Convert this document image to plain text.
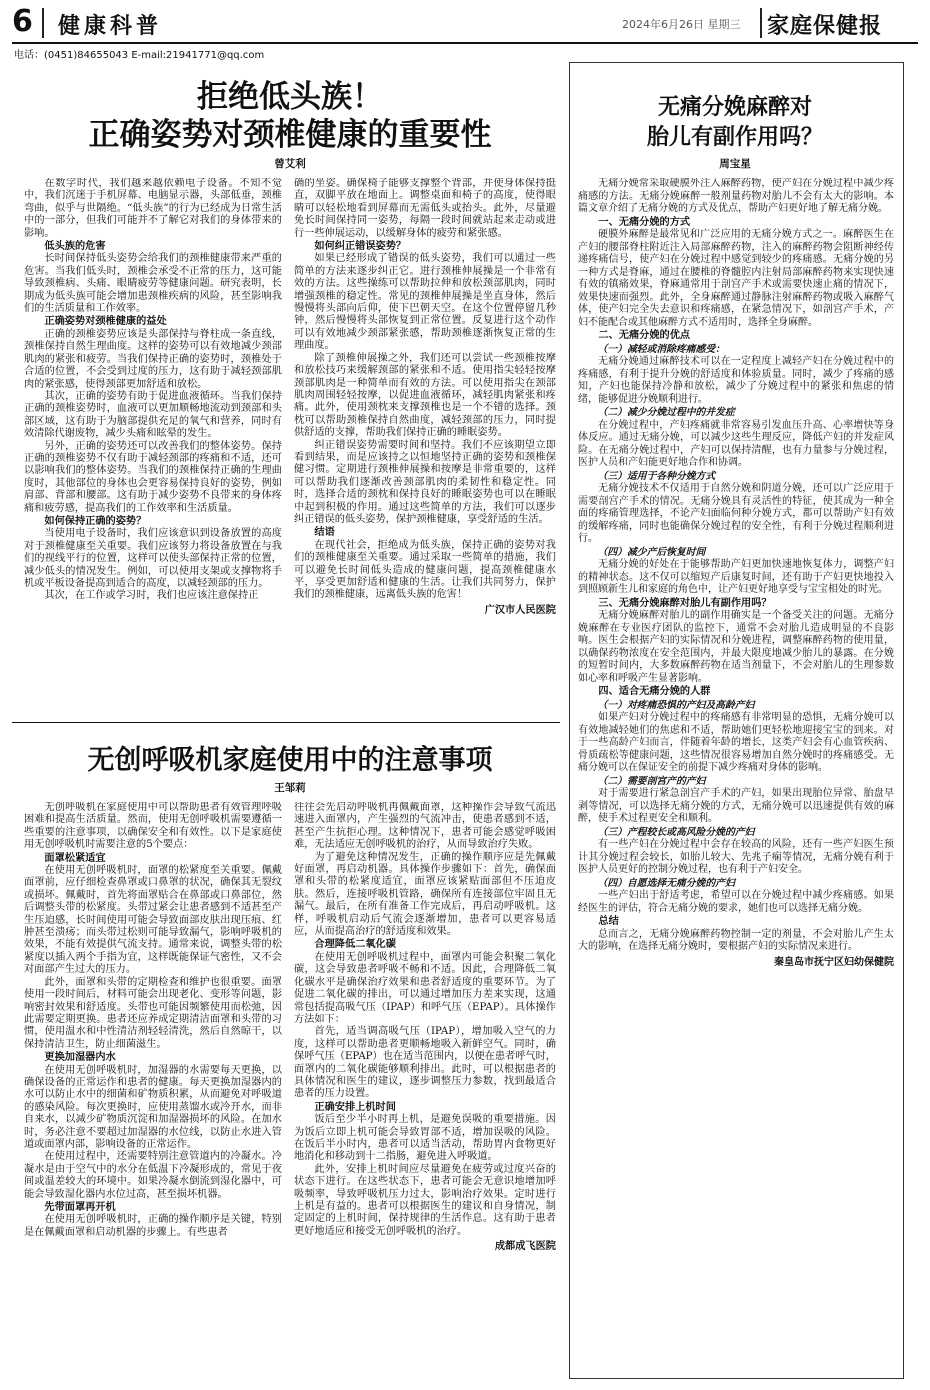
6 健康科普	2024年6月26日 星期三 家庭保健报
电话：(0451)84655043 E-mail:21941771@qq.com
拒绝低头族！
正确姿势对颈椎健康的重要性
曾艾利

在数字时代，我们越来越依赖电子设备。不知不觉中，我们沉迷于手机屏幕、电脑显示器，头部低垂，颈椎弯曲，似乎与世隔绝。“低头族”的行为已经成为日常生活中的一部分，但我们可能并不了解它对我们的身体带来的影响。

低头族的危害

长时间保持低头姿势会给我们的颈椎健康带来严重的危害。当我们低头时，颈椎会承受不正常的压力，这可能导致颈椎病、头痛、眼睛疲劳等健康问题。研究表明，长期成为低头族可能会增加患颈椎疾病的风险，甚至影响我们的生活质量和工作效率。

正确姿势对颈椎健康的益处

正确的颈椎姿势应该是头部保持与脊柱成一条直线，颈椎保持自然生理曲度。这样的姿势可以有效地减少颈部肌肉的紧张和疲劳。当我们保持正确的姿势时，颈椎处于合适的位置，不会受到过度的压力，这有助于减轻颈部肌肉的紧张感，使得颈部更加舒适和放松。

其次，正确的姿势有助于促进血液循环。当我们保持正确的颈椎姿势时，血液可以更加顺畅地流动到颈部和头部区域，这有助于为脑部提供充足的氧气和营养，同时有效清除代谢废物，减少头痛和眩晕的发生。

另外，正确的姿势还可以改善我们的整体姿势。保持正确的颈椎姿势不仅有助于减轻颈部的疼痛和不适，还可以影响我们的整体姿势。当我们的颈椎保持正确的生理曲度时，其他部位的身体也会更容易保持良好的姿势，例如肩部、背部和腰部。这有助于减少姿势不良带来的身体疼痛和疲劳感，提高我们的工作效率和生活质量。

如何保持正确的姿势？

当使用电子设备时，我们应该意识到设备放置的高度对于颈椎健康至关重要。我们应该努力将设备放置在与我们的视线平行的位置，这样可以使头部保持正常的位置，减少低头的情况发生。例如，可以使用支架或支撑物将手机或平板设备提高到适合的高度，以减轻颈部的压力。

其次，在工作或学习时，我们也应该注意保持正

确的坐姿。确保椅子能够支撑整个背部，并使身体保持挺直，双脚平放在地面上。调整桌面和椅子的高度，使得眼睛可以轻松地看到屏幕而无需低头或抬头。此外，尽量避免长时间保持同一姿势，每隔一段时间就站起来走动或进行一些伸展运动，以缓解身体的疲劳和紧张感。

如何纠正错误姿势？

如果已经形成了错误的低头姿势，我们可以通过一些简单的方法来逐步纠正它。进行颈椎伸展操是一个非常有效的方法。这些操练可以帮助拉伸和放松颈部肌肉，同时增强颈椎的稳定性。常见的颈椎伸展操是坐直身体，然后慢慢将头部向后仰，使下巴朝天空。在这个位置停留几秒钟，然后慢慢将头部恢复到正常位置。反复进行这个动作可以有效地减少颈部紧张感，帮助颈椎逐渐恢复正常的生理曲度。

除了颈椎伸展操之外，我们还可以尝试一些颈椎按摩和放松技巧来缓解颈部的紧张和不适。使用指尖轻轻按摩颈部肌肉是一种简单而有效的方法。可以使用指尖在颈部肌肉周围轻轻按摩，以促进血液循环，减轻肌肉紧张和疼痛。此外，使用颈枕来支撑颈椎也是一个不错的选择。颈枕可以帮助颈椎保持自然曲度，减轻颈部的压力，同时提供舒适的支撑，帮助我们保持正确的睡眠姿势。

纠正错误姿势需要时间和坚持。我们不应该期望立即看到结果，而是应该持之以恒地坚持正确的姿势和颈椎保健习惯。定期进行颈椎伸展操和按摩是非常重要的，这样可以帮助我们逐渐改善颈部肌肉的柔韧性和稳定性。同时，选择合适的颈枕和保持良好的睡眠姿势也可以在睡眠中起到积极的作用。通过这些简单的方法，我们可以逐步纠正错误的低头姿势，保护颈椎健康，享受舒适的生活。

结语

在现代社会，拒绝成为低头族，保持正确的姿势对我们的颈椎健康至关重要。通过采取一些简单的措施，我们可以避免长时间低头造成的健康问题，提高颈椎健康水平，享受更加舒适和健康的生活。让我们共同努力，保护我们的颈椎健康，远离低头族的危害！

广汉市人民医院

无创呼吸机家庭使用中的注意事项
王邹莉

无创呼吸机在家庭使用中可以帮助患者有效管理呼吸困难和提高生活质量。然而，使用无创呼吸机需要遵循一些重要的注意事项，以确保安全和有效性。以下是家庭使用无创呼吸机时需要注意的5个要点：

面罩松紧适宜

在使用无创呼吸机时，面罩的松紧度至关重要。佩戴面罩前，应仔细检查鼻罩或口鼻罩的状况，确保其无裂纹或损坏。佩戴时，首先将面罩贴合在鼻部或口鼻部位，然后调整头带的松紧度。头带过紧会让患者感到不适甚至产生压迫感，长时间使用可能会导致面部皮肤出现压痕、红肿甚至溃疡；而头带过松则可能导致漏气，影响呼吸机的效果，不能有效提供气流支持。通常来说，调整头带的松紧度以插入两个手指为宜，这样既能保证气密性，又不会对面部产生过大的压力。

此外，面罩和头带的定期检查和维护也很重要。面罩使用一段时间后，材料可能会出现老化、变形等问题，影响密封效果和舒适度。头带也可能因频繁使用而松弛，因此需要定期更换。患者还应养成定期清洁面罩和头带的习惯，使用温水和中性清洁剂轻轻清洗，然后自然晾干，以保持清洁卫生，防止细菌滋生。

更换加湿器内水

在使用无创呼吸机时，加湿器的水需要每天更换，以确保设备的正常运作和患者的健康。每天更换加湿器内的水可以防止水中的细菌和矿物质积累，从而避免对呼吸道的感染风险。每次更换时，应使用蒸馏水或冷开水，而非自来水，以减少矿物质沉淀和加湿器损坏的风险。在加水时，务必注意不要超过加湿器的水位线，以防止水进入管道或面罩内部，影响设备的正常运作。

在使用过程中，还需要特别注意管道内的冷凝水。冷凝水是由于空气中的水分在低温下冷凝形成的，常见于夜间或温差较大的环境中。如果冷凝水倒流到湿化器中，可能会导致湿化器内水位过高，甚至损坏机器。

先带面罩再开机

在使用无创呼吸机时，正确的操作顺序是关键，特别是在佩戴面罩和启动机器的步骤上。有些患者

往往会先启动呼吸机再佩戴面罩，这种操作会导致气流迅速进入面罩内，产生强烈的气流冲击，使患者感到不适，甚至产生抗拒心理。这种情况下，患者可能会感觉呼吸困难，无法适应无创呼吸机的治疗，从而导致治疗失败。

为了避免这种情况发生，正确的操作顺序应是先佩戴好面罩，再启动机器。具体操作步骤如下：首先，确保面罩和头带的松紧度适宜，面罩应该紧贴面部但不压迫皮肤。然后，连接呼吸机管路，确保所有连接部位牢固且无漏气。最后，在所有准备工作完成后，再启动呼吸机。这样，呼吸机启动后气流会逐渐增加，患者可以更容易适应，从而提高治疗的舒适度和效果。

合理降低二氧化碳

在使用无创呼吸机过程中，面罩内可能会积聚二氧化碳，这会导致患者呼吸不畅和不适。因此，合理降低二氧化碳水平是确保治疗效果和患者舒适度的重要环节。为了促进二氧化碳的排出，可以通过增加压力差来实现，这通常包括提高吸气压（IPAP）和呼气压（EPAP）。具体操作方法如下：

首先，适当调高吸气压（IPAP），增加吸入空气的力度，这样可以帮助患者更顺畅地吸入新鲜空气。同时，确保呼气压（EPAP）也在适当范围内，以便在患者呼气时，面罩内的二氧化碳能够顺利排出。此时，可以根据患者的具体情况和医生的建议，逐步调整压力参数，找到最适合患者的压力设置。

正确安排上机时间

饭后至少半小时再上机，是避免误吸的重要措施。因为饭后立即上机可能会导致胃部不适，增加误吸的风险。在饭后半小时内，患者可以适当活动，帮助胃内食物更好地消化和移动到十二指肠，避免进入呼吸道。

此外，安排上机时间应尽量避免在疲劳或过度兴奋的状态下进行。在这些状态下，患者可能会无意识地增加呼吸频率，导致呼吸机压力过大，影响治疗效果。定时进行上机是有益的。患者可以根据医生的建议和自身情况，制定固定的上机时间，保持规律的生活作息。这有助于患者更好地适应和接受无创呼吸机的治疗。

成都成飞医院

无痛分娩麻醉对
胎儿有副作用吗？
周宝星

无痛分娩常采取硬膜外注入麻醉药物，使产妇在分娩过程中减少疼痛感的方法。无痛分娩麻醉一般剂量药物对胎儿不会有太大的影响。本篇文章介绍了无痛分娩的方式及优点，帮助产妇更好地了解无痛分娩。

一、无痛分娩的方式

硬膜外麻醉是最常见和广泛应用的无痛分娩方式之一。麻醉医生在产妇的腰部脊柱附近注入局部麻醉药物，注入的麻醉药物会阻断神经传递疼痛信号，使产妇在分娩过程中感觉到较少的疼痛感。无痛分娩的另一种方式是脊麻，通过在腰椎的脊髓腔内注射局部麻醉药物来实现快速有效的镇痛效果，脊麻通常用于剖宫产手术或需要快速止痛的情况下，效果快速而强烈。此外，全身麻醉通过静脉注射麻醉药物或吸入麻醉气体，使产妇完全失去意识和疼痛感，在紧急情况下，如剖宫产手术，产妇不能配合或其他麻醉方式不适用时，选择全身麻醉。

二、无痛分娩的优点
（一）减轻或消除疼痛感受：

无痛分娩通过麻醉技术可以在一定程度上减轻产妇在分娩过程中的疼痛感，有利于提升分娩的舒适度和体验质量。同时，减少了疼痛的感知，产妇也能保持冷静和放松，减少了分娩过程中的紧张和焦虑的情绪，能够促进分娩顺利进行。

（二）减少分娩过程中的并发症

在分娩过程中，产妇疼痛就非常容易引发血压升高、心率增快等身体反应。通过无痛分娩，可以减少这些生理反应，降低产妇的并发症风险。在无痛分娩过程中，产妇可以保持清醒，也有力量参与分娩过程，医护人员和产妇能更好地合作和协调。

（三）适用于各种分娩方式

无痛分娩技术不仅适用于自然分娩和阴道分娩，还可以广泛应用于需要剖宫产手术的情况。无痛分娩具有灵活性的特征，使其成为一种全面的疼痛管理选择，不论产妇面临何种分娩方式，都可以帮助产妇有效的缓解疼痛，同时也能确保分娩过程的安全性，有利于分娩过程顺利进行。

（四）减少产后恢复时间

无痛分娩的好处在于能够帮助产妇更加快速地恢复体力，调整产妇的精神状态。这不仅可以缩短产后康复时间，还有助于产妇更快地投入到照顾新生儿和家庭的角色中，让产妇更好地享受与宝宝相处的时光。

三、无痛分娩麻醉对胎儿有副作用吗？

无痛分娩麻醉对胎儿的副作用确实是一个备受关注的问题。无痛分娩麻醉在专业医疗团队的监控下，通常不会对胎儿造成明显的不良影响。医生会根据产妇的实际情况和分娩进程，调整麻醉药物的使用量，以确保药物浓度在安全范围内，并最大限度地减少胎儿的暴露。在分娩的短暂时间内，大多数麻醉药物在适当剂量下，不会对胎儿的生理参数如心率和呼吸产生显著影响。

四、适合无痛分娩的人群
（一）对疼痛恐惧的产妇及高龄产妇

如果产妇对分娩过程中的疼痛感有非常明显的恐惧，无痛分娩可以有效地减轻她们的焦虑和不适，帮助她们更轻松地迎接宝宝的到来。对于一些高龄产妇而言，伴随着年龄的增长，这类产妇会有心血管疾病、骨质疏松等健康问题，这些情况很容易增加自然分娩时的疼痛感受。无痛分娩可以在保证安全的前提下减少疼痛对身体的影响。

（二）需要剖宫产的产妇

对于需要进行紧急剖宫产手术的产妇，如果出现胎位异常、胎盘早剥等情况，可以选择无痛分娩的方式，无痛分娩可以迅速提供有效的麻醉，使手术过程更安全和顺利。

（三）产程较长或高风险分娩的产妇

有一些产妇在分娩过程中会存在较高的风险，还有一些产妇医生预计其分娩过程会较长，如胎儿较大、先兆子痫等情况，无痛分娩有利于医护人员更好的控制分娩过程，也有利于产妇安全。

（四）自愿选择无痛分娩的产妇

一些产妇出于舒适考虑，希望可以在分娩过程中减少疼痛感。如果经医生的评估，符合无痛分娩的要求，她们也可以选择无痛分娩。

总结

总而言之，无痛分娩麻醉药物控制一定的剂量，不会对胎儿产生太大的影响，在选择无痛分娩时，要根据产妇的实际情况来进行。

秦皇岛市抚宁区妇幼保健院
